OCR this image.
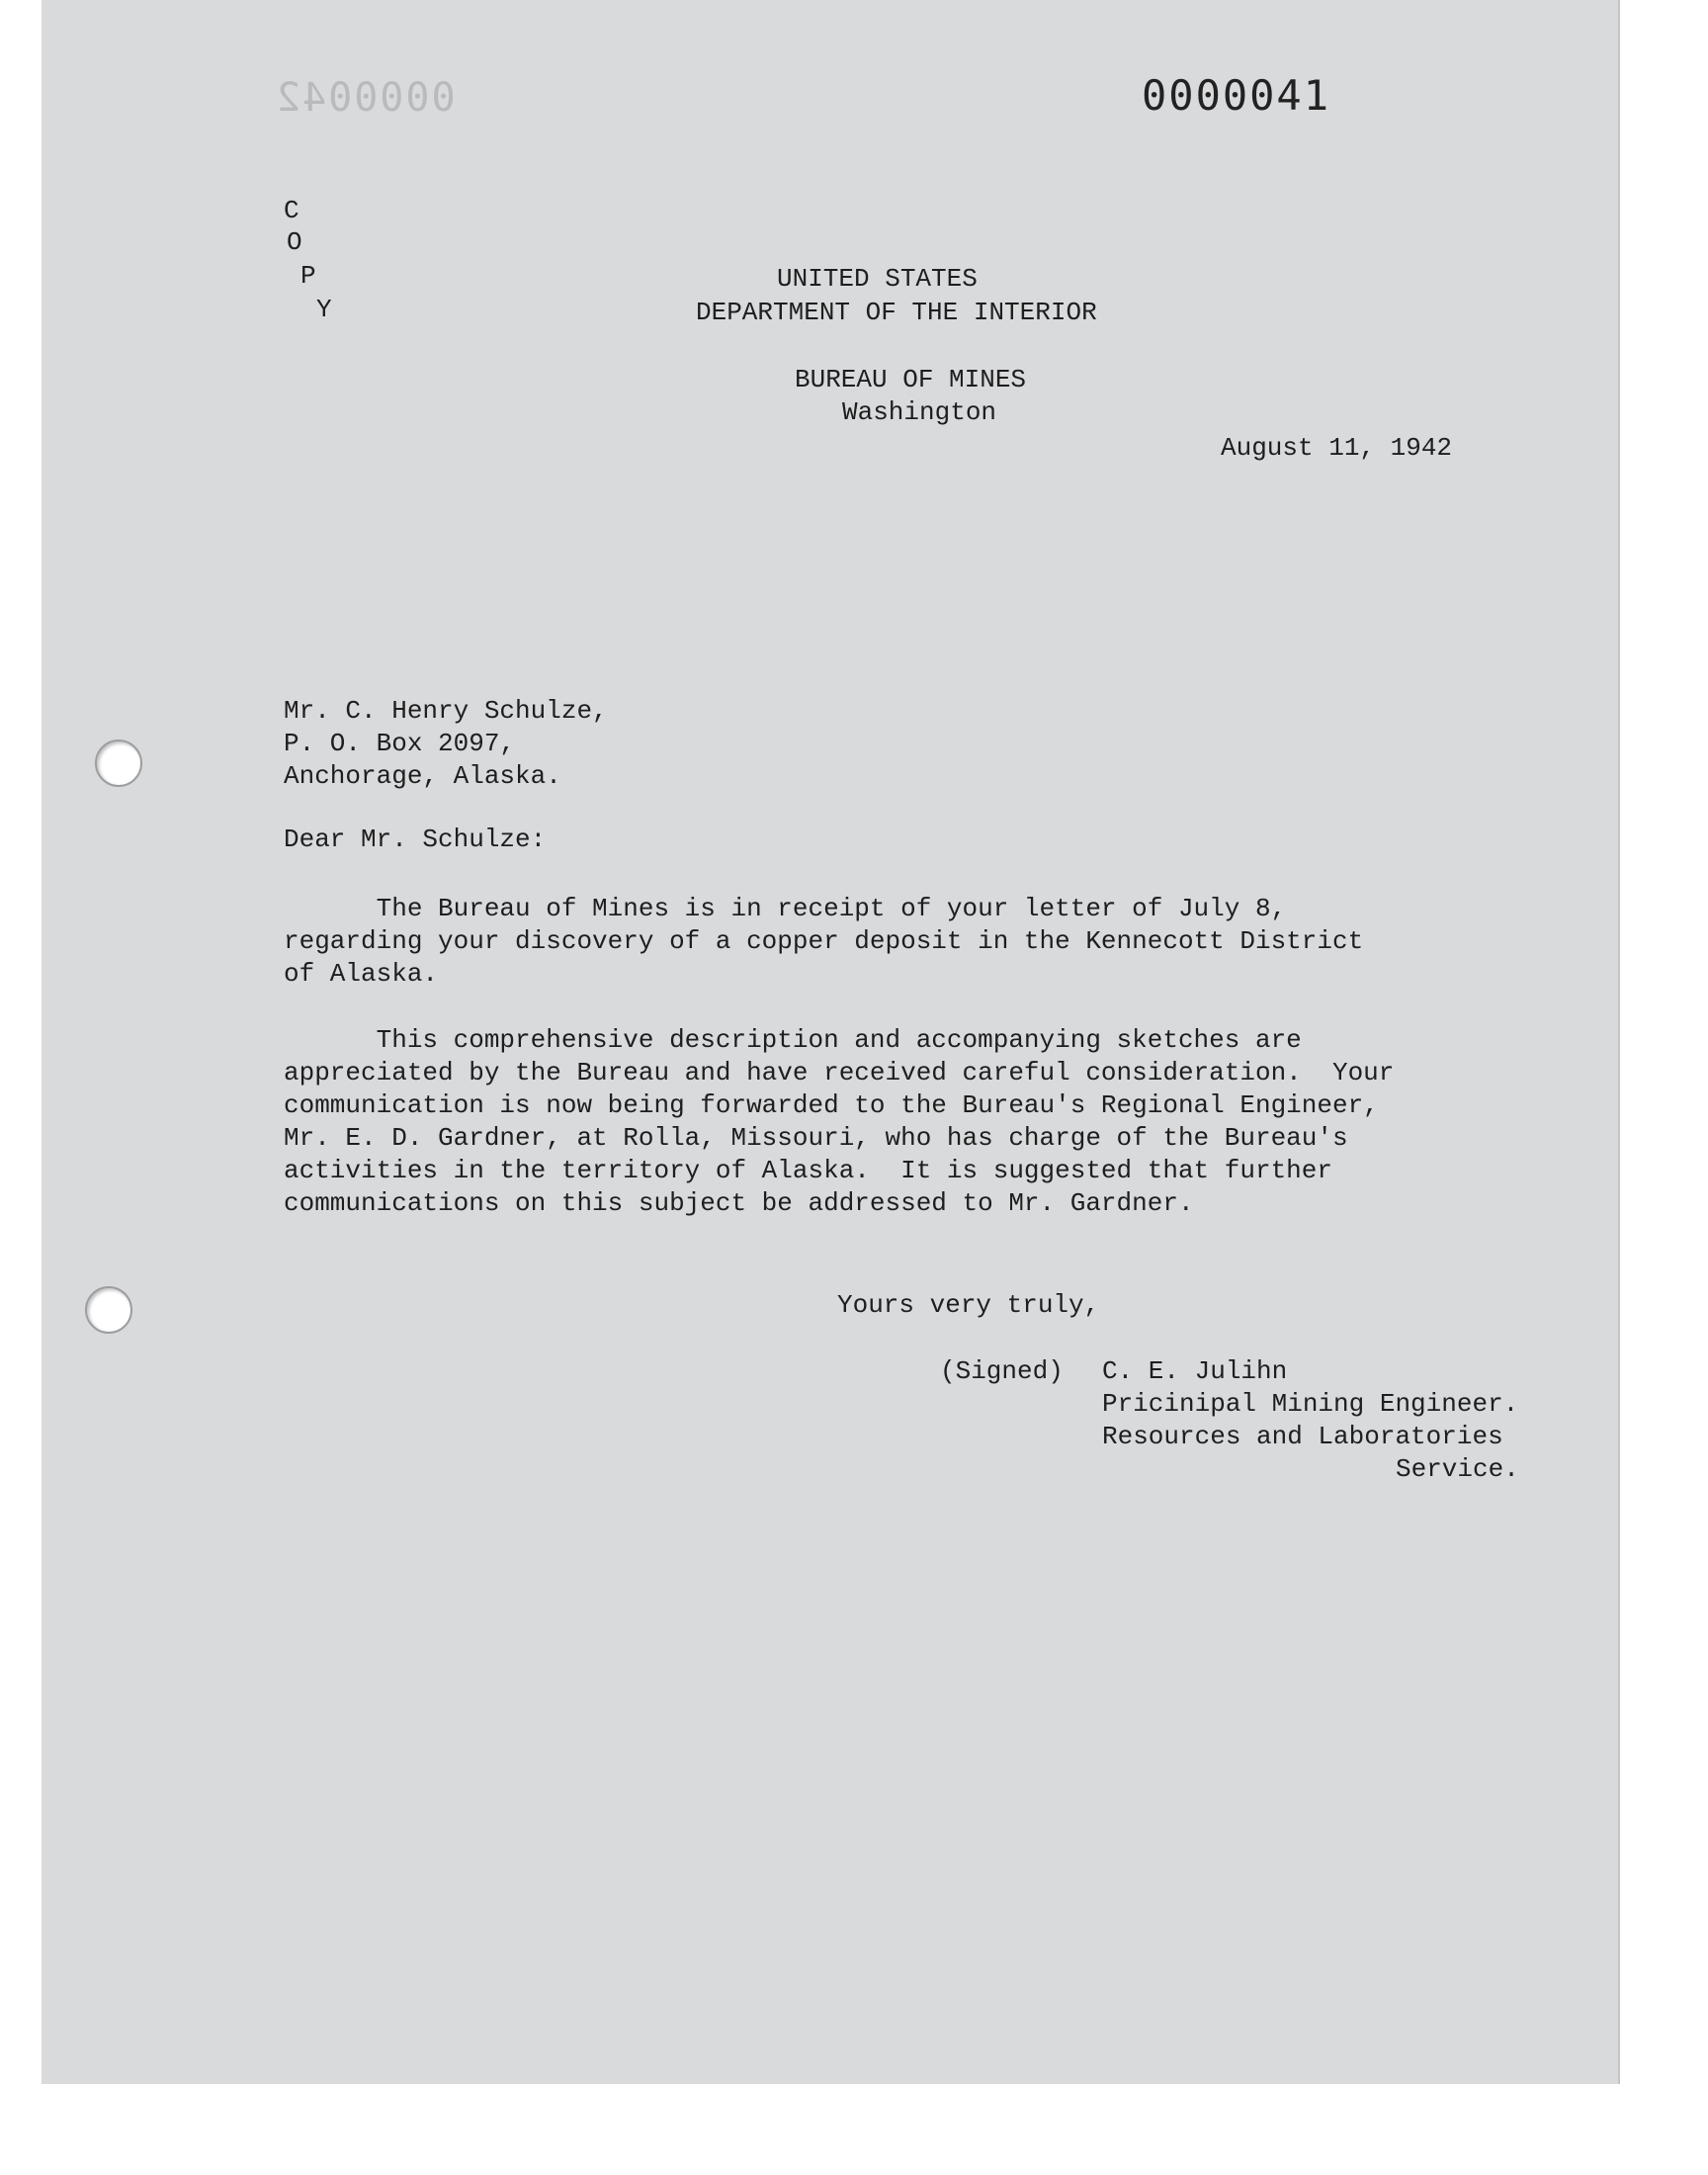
0000042	0000041
C
O
P
Y
UNITED STATES
DEPARTMENT OF THE INTERIOR
BUREAU OF MINES
Washington
August 11, 1942
Mr. C. Henry Schulze,
P. O. Box 2097,
Anchorage, Alaska.
Dear Mr. Schulze:
The Bureau of Mines is in receipt of your letter of July 8,
regarding your discovery of a copper deposit in the Kennecott District
of Alaska.
This comprehensive description and accompanying sketches are
appreciated by the Bureau and have received careful consideration.  Your
communication is now being forwarded to the Bureau's Regional Engineer,
Mr. E. D. Gardner, at Rolla, Missouri, who has charge of the Bureau's
activities in the territory of Alaska.  It is suggested that further
communications on this subject be addressed to Mr. Gardner.
Yours very truly,
(Signed) C. E. Julihn
Pricinipal Mining Engineer.
Resources and Laboratories
Service.
